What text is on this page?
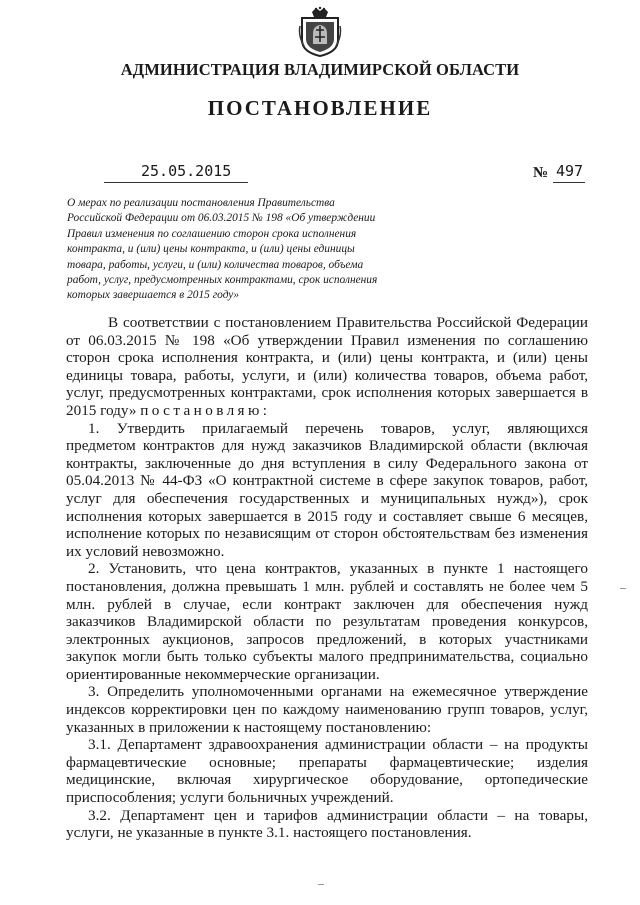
АДМИНИСТРАЦИЯ ВЛАДИМИРСКОЙ ОБЛАСТИ
ПОСТАНОВЛЕНИЕ
25.05.2015	№ 497
О мерах по реализации постановления Правительства
Российской Федерации от 06.03.2015 № 198 «Об утверждении
Правил изменения по соглашению сторон срока исполнения
контракта, и (или) цены контракта, и (или) цены единицы
товара, работы, услуги, и (или) количества товаров, объема
работ, услуг, предусмотренных контрактами, срок исполнения
которых завершается в 2015 году»
В соответствии с постановлением Правительства Российской Федерации
от 06.03.2015 № 198 «Об утверждении Правил изменения по соглашению
сторон срока исполнения контракта, и (или) цены контракта, и (или) цены
единицы товара, работы, услуги, и (или) количества товаров, объема работ,
услуг, предусмотренных контрактами, срок исполнения которых завершается в
2015 году» постановляю:
1. Утвердить прилагаемый перечень товаров, услуг, являющихся
предметом контрактов для нужд заказчиков Владимирской области (включая
контракты, заключенные до дня вступления в силу Федерального закона от
05.04.2013 № 44-ФЗ «О контрактной системе в сфере закупок товаров, работ,
услуг для обеспечения государственных и муниципальных нужд»), срок
исполнения которых завершается в 2015 году и составляет свыше 6 месяцев,
исполнение которых по независящим от сторон обстоятельствам без изменения
их условий невозможно.
2. Установить, что цена контрактов, указанных в пункте 1 настоящего
постановления, должна превышать 1 млн. рублей и составлять не более чем 5
млн. рублей в случае, если контракт заключен для обеспечения нужд
заказчиков Владимирской области по результатам проведения конкурсов,
электронных аукционов, запросов предложений, в которых участниками
закупок могли быть только субъекты малого предпринимательства, социально
ориентированные некоммерческие организации.
3. Определить уполномоченными органами на ежемесячное утверждение
индексов корректировки цен по каждому наименованию групп товаров, услуг,
указанных в приложении к настоящему постановлению:
3.1. Департамент здравоохранения администрации области – на продукты
фармацевтические основные; препараты фармацевтические; изделия
медицинские, включая хирургическое оборудование, ортопедические
приспособления; услуги больничных учреждений.
3.2. Департамент цен и тарифов администрации области – на товары,
услуги, не указанные в пункте 3.1. настоящего постановления.
